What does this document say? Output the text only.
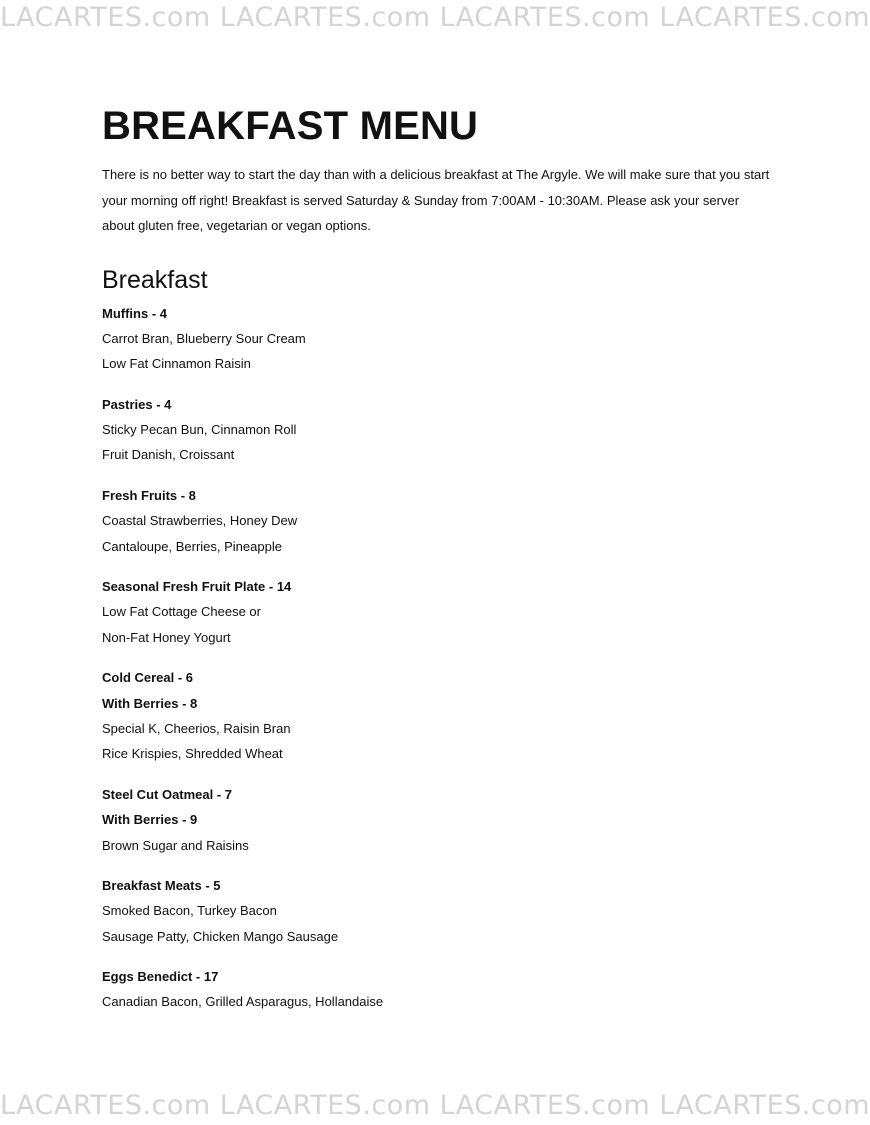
LACARTES.com LACARTES.com LACARTES.com LACARTES.com
BREAKFAST MENU
There is no better way to start the day than with a delicious breakfast at The Argyle. We will make sure that you start
your morning off right! Breakfast is served Saturday & Sunday from 7:00AM - 10:30AM. Please ask your server
about gluten free, vegetarian or vegan options.
Breakfast
Muffins - 4
Carrot Bran, Blueberry Sour Cream
Low Fat Cinnamon Raisin
Pastries - 4
Sticky Pecan Bun, Cinnamon Roll
Fruit Danish, Croissant
Fresh Fruits - 8
Coastal Strawberries, Honey Dew
Cantaloupe, Berries, Pineapple
Seasonal Fresh Fruit Plate - 14
Low Fat Cottage Cheese or
Non-Fat Honey Yogurt
Cold Cereal - 6
With Berries - 8
Special K, Cheerios, Raisin Bran
Rice Krispies, Shredded Wheat
Steel Cut Oatmeal - 7
With Berries - 9
Brown Sugar and Raisins
Breakfast Meats - 5
Smoked Bacon, Turkey Bacon
Sausage Patty, Chicken Mango Sausage
Eggs Benedict - 17
Canadian Bacon, Grilled Asparagus, Hollandaise
LACARTES.com LACARTES.com LACARTES.com LACARTES.com
